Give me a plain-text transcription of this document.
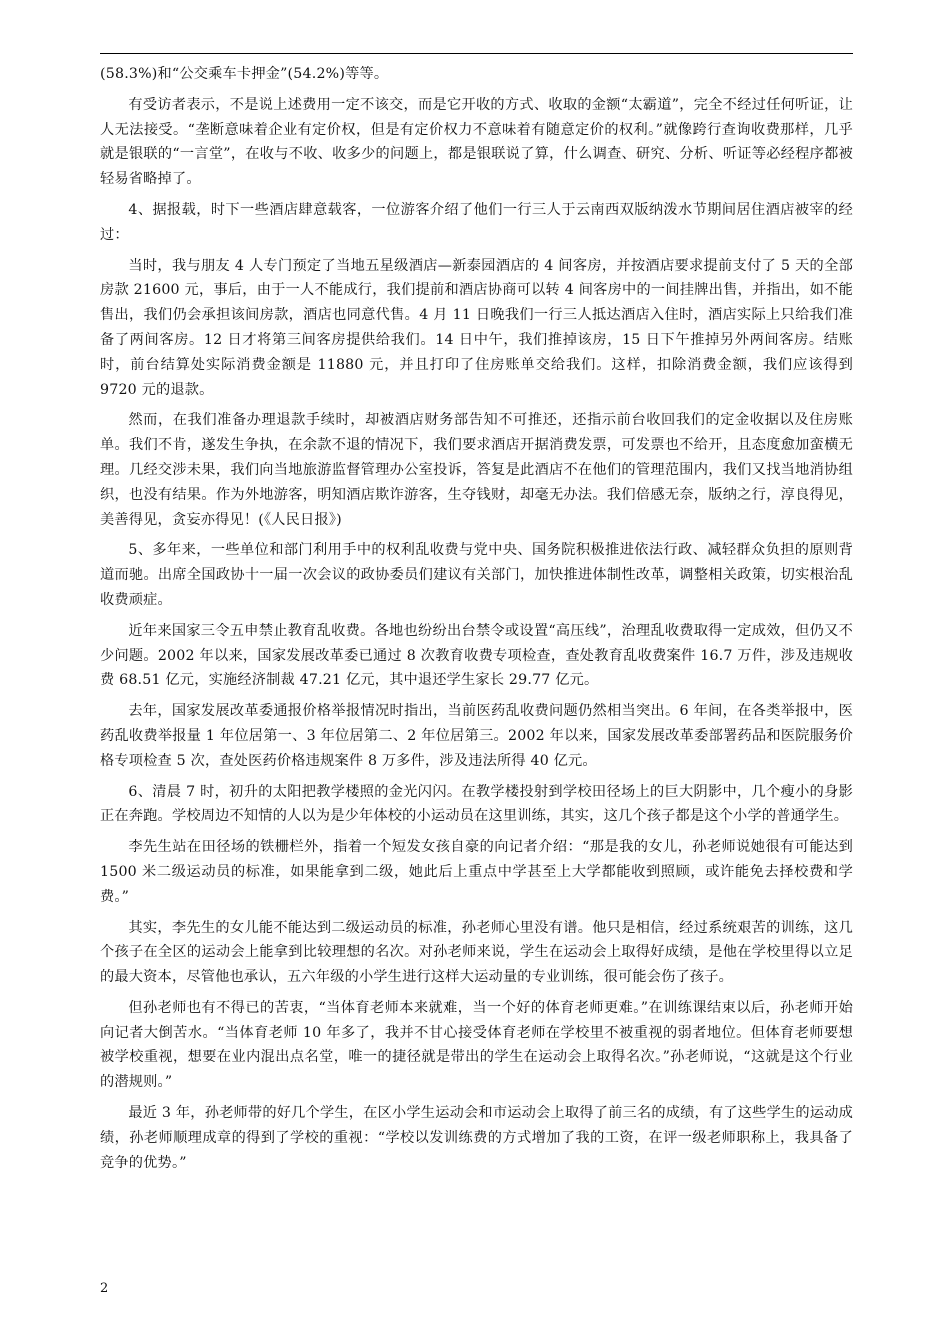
(58.3%)和“公交乘车卡押金”(54.2%)等等。

有受访者表示，不是说上述费用一定不该交，而是它开收的方式、收取的金额“太霸道”，完全不经过任何听证，让人无法接受。“垄断意味着企业有定价权，但是有定价权力不意味着有随意定价的权利。”就像跨行查询收费那样，几乎就是银联的“一言堂”，在收与不收、收多少的问题上，都是银联说了算，什么调查、研究、分析、听证等必经程序都被轻易省略掉了。

4、据报载，时下一些酒店肆意载客，一位游客介绍了他们一行三人于云南西双版纳泼水节期间居住酒店被宰的经过：

当时，我与朋友 4 人专门预定了当地五星级酒店—新泰园酒店的 4 间客房，并按酒店要求提前支付了 5 天的全部房款 21600 元，事后，由于一人不能成行，我们提前和酒店协商可以转 4 间客房中的一间挂牌出售，并指出，如不能售出，我们仍会承担该间房款，酒店也同意代售。4 月 11 日晚我们一行三人抵达酒店入住时，酒店实际上只给我们准备了两间客房。12 日才将第三间客房提供给我们。14 日中午，我们推掉该房，15 日下午推掉另外两间客房。结账时，前台结算处实际消费金额是 11880 元，并且打印了住房账单交给我们。这样，扣除消费金额，我们应该得到 9720 元的退款。

然而，在我们准备办理退款手续时，却被酒店财务部告知不可推还，还指示前台收回我们的定金收据以及住房账单。我们不肯，遂发生争执，在余款不退的情况下，我们要求酒店开据消费发票，可发票也不给开，且态度愈加蛮横无理。几经交涉未果，我们向当地旅游监督管理办公室投诉，答复是此酒店不在他们的管理范围内，我们又找当地消协组织，也没有结果。作为外地游客，明知酒店欺诈游客，生夺钱财，却毫无办法。我们倍感无奈，版纳之行，淳良得见，美善得见，贪妄亦得见！(《人民日报》)

5、多年来，一些单位和部门利用手中的权利乱收费与党中央、国务院积极推进依法行政、减轻群众负担的原则背道而驰。出席全国政协十一届一次会议的政协委员们建议有关部门，加快推进体制性改革，调整相关政策，切实根治乱收费顽症。

近年来国家三令五申禁止教育乱收费。各地也纷纷出台禁令或设置“高压线”，治理乱收费取得一定成效，但仍又不少问题。2002 年以来，国家发展改革委已通过 8 次教育收费专项检查，查处教育乱收费案件 16.7 万件，涉及违规收费 68.51 亿元，实施经济制裁 47.21 亿元，其中退还学生家长 29.77 亿元。

去年，国家发展改革委通报价格举报情况时指出，当前医药乱收费问题仍然相当突出。6 年间，在各类举报中，医药乱收费举报量 1 年位居第一、3 年位居第二、2 年位居第三。2002 年以来，国家发展改革委部署药品和医院服务价格专项检查 5 次，查处医药价格违规案件 8 万多件，涉及违法所得 40 亿元。

6、清晨 7 时，初升的太阳把教学楼照的金光闪闪。在教学楼投射到学校田径场上的巨大阴影中，几个瘦小的身影正在奔跑。学校周边不知情的人以为是少年体校的小运动员在这里训练，其实，这几个孩子都是这个小学的普通学生。

李先生站在田径场的铁栅栏外，指着一个短发女孩自豪的向记者介绍：“那是我的女儿，孙老师说她很有可能达到 1500 米二级运动员的标准，如果能拿到二级，她此后上重点中学甚至上大学都能收到照顾，或许能免去择校费和学费。”

其实，李先生的女儿能不能达到二级运动员的标准，孙老师心里没有谱。他只是相信，经过系统艰苦的训练，这几个孩子在全区的运动会上能拿到比较理想的名次。对孙老师来说，学生在运动会上取得好成绩，是他在学校里得以立足的最大资本，尽管他也承认，五六年级的小学生进行这样大运动量的专业训练，很可能会伤了孩子。

但孙老师也有不得已的苦衷，“当体育老师本来就难，当一个好的体育老师更难。”在训练课结束以后，孙老师开始向记者大倒苦水。“当体育老师 10 年多了，我并不甘心接受体育老师在学校里不被重视的弱者地位。但体育老师要想被学校重视，想要在业内混出点名堂，唯一的捷径就是带出的学生在运动会上取得名次。”孙老师说，“这就是这个行业的潜规则。”

最近 3 年，孙老师带的好几个学生，在区小学生运动会和市运动会上取得了前三名的成绩，有了这些学生的运动成绩，孙老师顺理成章的得到了学校的重视：“学校以发训练费的方式增加了我的工资，在评一级老师职称上，我具备了竞争的优势。”

2
